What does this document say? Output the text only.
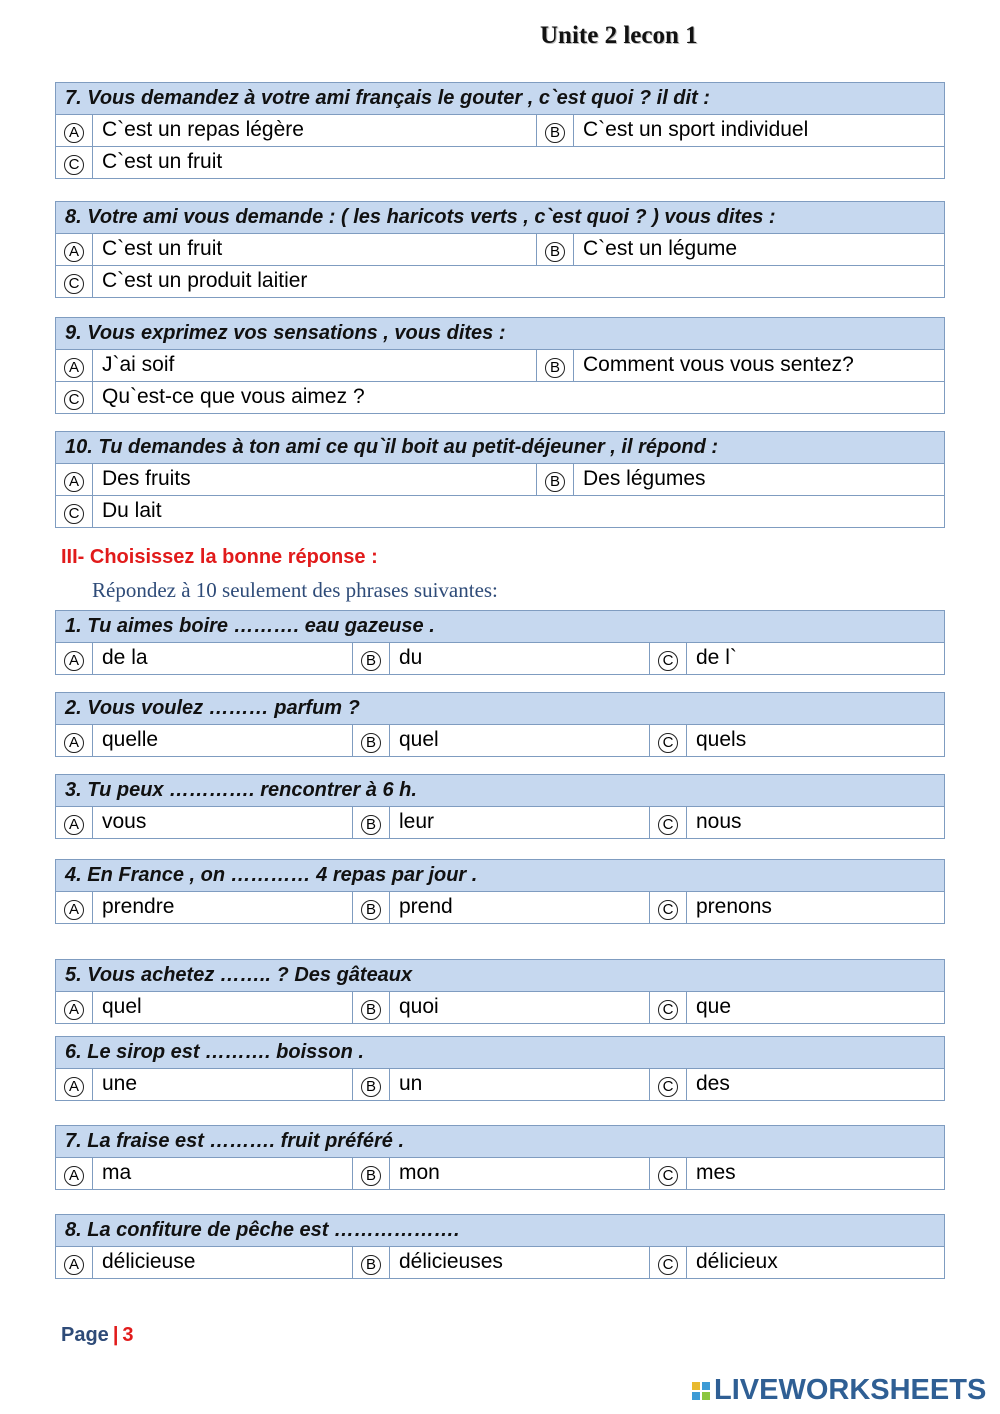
Unite 2 lecon 1
7. Vous demandez à votre ami français le gouter , c`est quoi ? il dit :
A	C`est un repas légère	B	C`est un sport individuel
C	C`est un fruit
8. Votre ami vous demande : ( les haricots verts , c`est quoi ? ) vous dites :
A	C`est un fruit	B	C`est un légume
C	C`est un produit laitier
9. Vous exprimez vos sensations , vous dites :
A	J`ai soif	B	Comment vous vous sentez?
C	Qu`est-ce que vous aimez ?
10. Tu demandes à ton ami ce qu`il boit au petit-déjeuner , il répond :
A	Des fruits	B	Des légumes
C	Du lait
III- Choisissez la bonne réponse :
Répondez à 10 seulement des phrases suivantes:
1. Tu aimes boire ………. eau gazeuse .
A	de la	B	du	C	de l`
2. Vous voulez ……… parfum ?
A	quelle	B	quel	C	quels
3. Tu peux …………. rencontrer à 6 h.
A	vous	B	leur	C	nous
4. En France , on ………… 4 repas par jour .
A	prendre	B	prend	C	prenons
5. Vous achetez …….. ? Des gâteaux
A	quel	B	quoi	C	que
6. Le sirop est ………. boisson .
A	une	B	un	C	des
7. La fraise est ………. fruit préféré .
A	ma	B	mon	C	mes
8. La confiture de pêche est ……………….
A	délicieuse	B	délicieuses	C	délicieux
Page | 3
LIVEWORKSHEETS
